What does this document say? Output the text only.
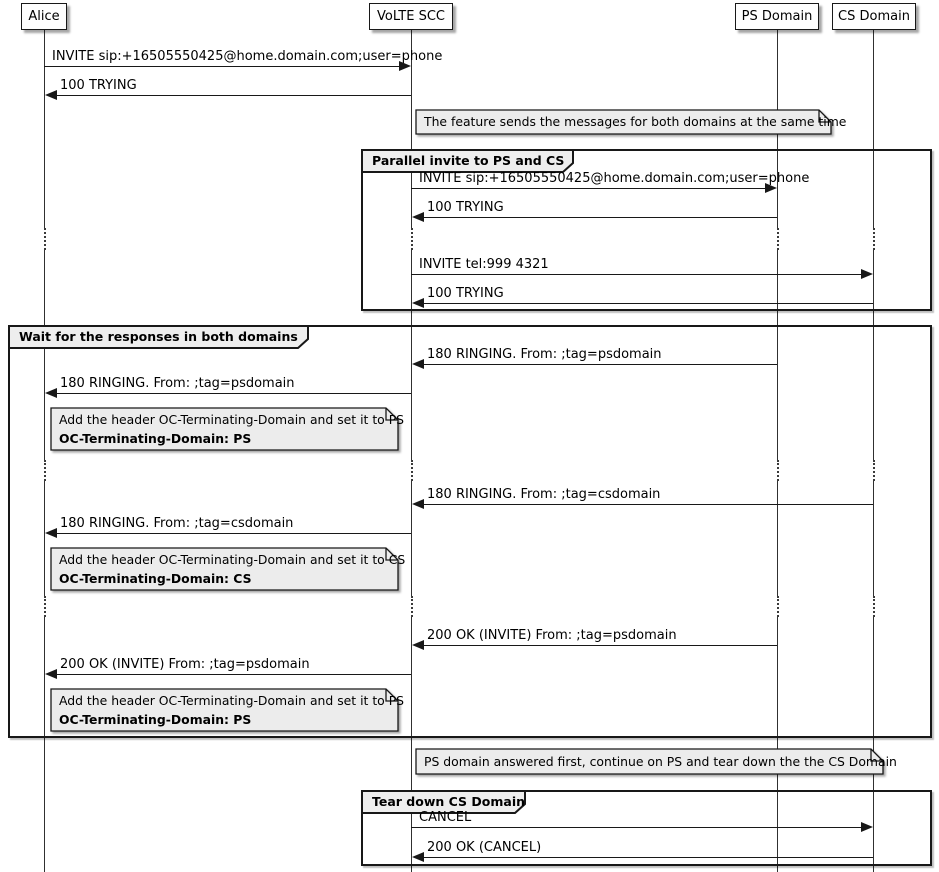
Parallel invite to PS and CS
Wait for the responses in both domains
Tear down CS Domain
INVITE sip:+16505550425@home.domain.com;user=phone
100 TRYING
INVITE sip:+16505550425@home.domain.com;user=phone
100 TRYING
INVITE tel:999 4321
100 TRYING
180 RINGING. From: ;tag=psdomain
180 RINGING. From: ;tag=psdomain
180 RINGING. From: ;tag=csdomain
180 RINGING. From: ;tag=csdomain
200 OK (INVITE) From: ;tag=psdomain
200 OK (INVITE) From: ;tag=psdomain
CANCEL
200 OK (CANCEL)
The feature sends the messages for both domains at the same time
Add the header OC-Terminating-Domain and set it to PS
OC-Terminating-Domain: PS
Add the header OC-Terminating-Domain and set it to CS
OC-Terminating-Domain: CS
Add the header OC-Terminating-Domain and set it to PS
OC-Terminating-Domain: PS
PS domain answered first, continue on PS and tear down the the CS Domain
Alice	VoLTE SCC	PS Domain CS Domain
